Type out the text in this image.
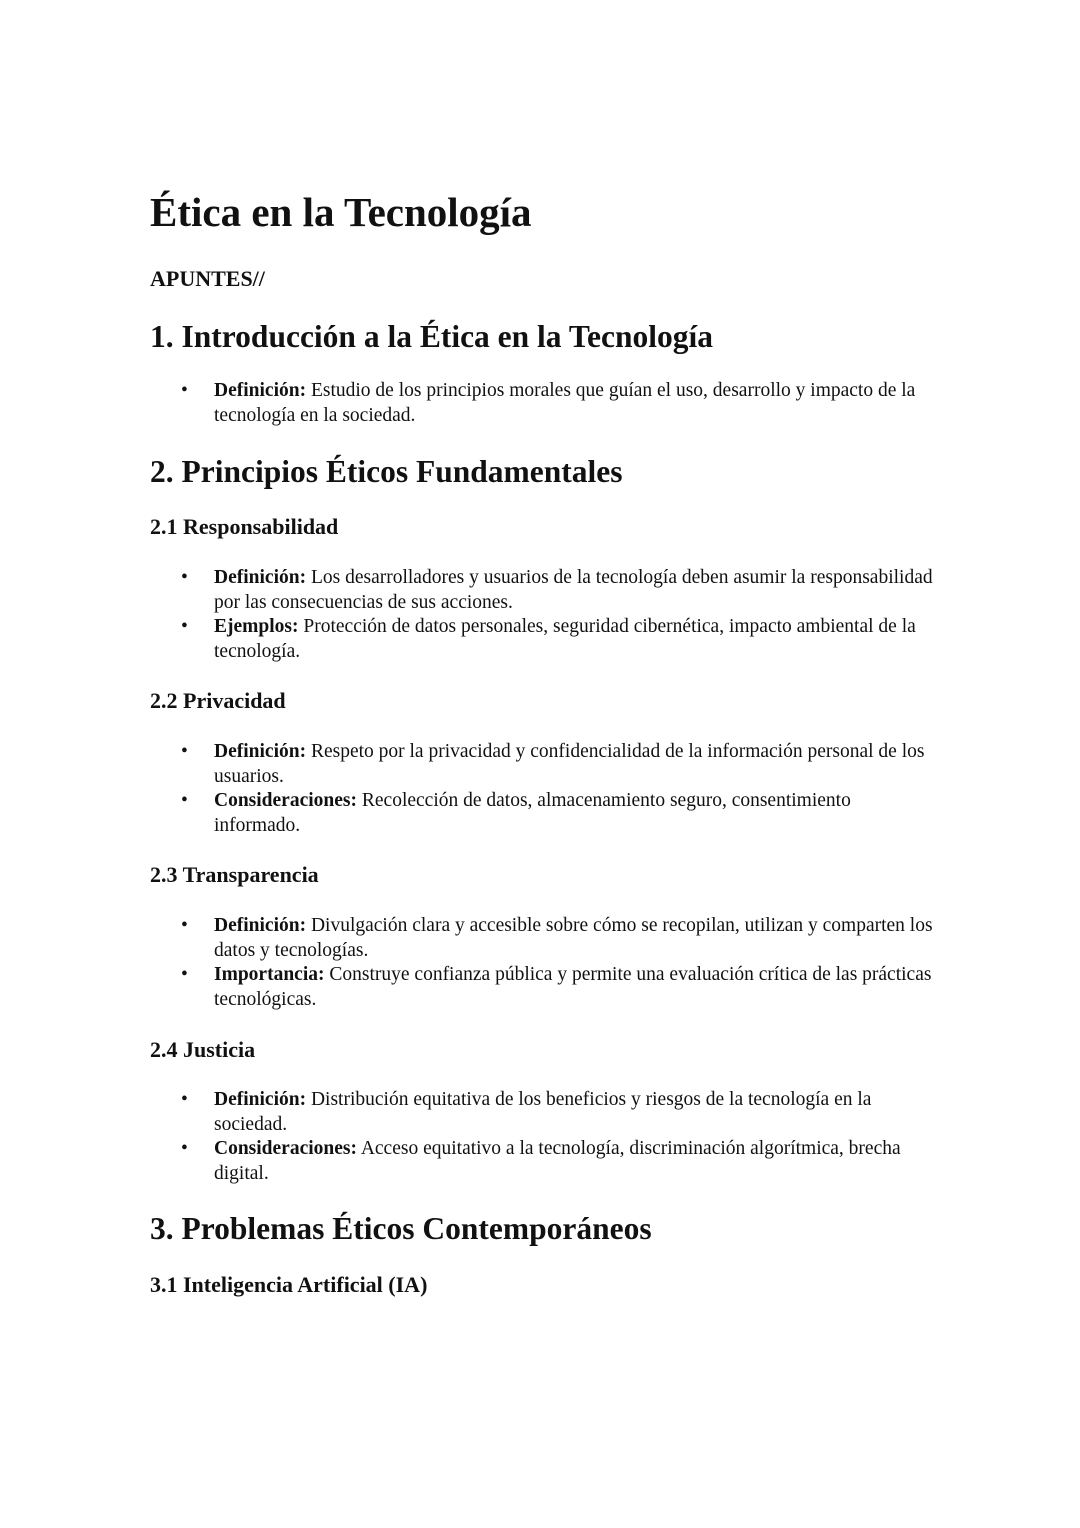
Ética en la Tecnología

APUNTES//

1. Introducción a la Ética en la Tecnología
• Definición: Estudio de los principios morales que guían el uso, desarrollo y impacto de la tecnología en la sociedad.
2. Principios Éticos Fundamentales
2.1 Responsabilidad
• Definición: Los desarrolladores y usuarios de la tecnología deben asumir la responsabilidad por las consecuencias de sus acciones.
• Ejemplos: Protección de datos personales, seguridad cibernética, impacto ambiental de la tecnología.
2.2 Privacidad
• Definición: Respeto por la privacidad y confidencialidad de la información personal de los usuarios.
• Consideraciones: Recolección de datos, almacenamiento seguro, consentimiento informado.
2.3 Transparencia
• Definición: Divulgación clara y accesible sobre cómo se recopilan, utilizan y comparten los datos y tecnologías.
• Importancia: Construye confianza pública y permite una evaluación crítica de las prácticas tecnológicas.
2.4 Justicia
• Definición: Distribución equitativa de los beneficios y riesgos de la tecnología en la sociedad.
• Consideraciones: Acceso equitativo a la tecnología, discriminación algorítmica, brecha digital.
3. Problemas Éticos Contemporáneos
3.1 Inteligencia Artificial (IA)
